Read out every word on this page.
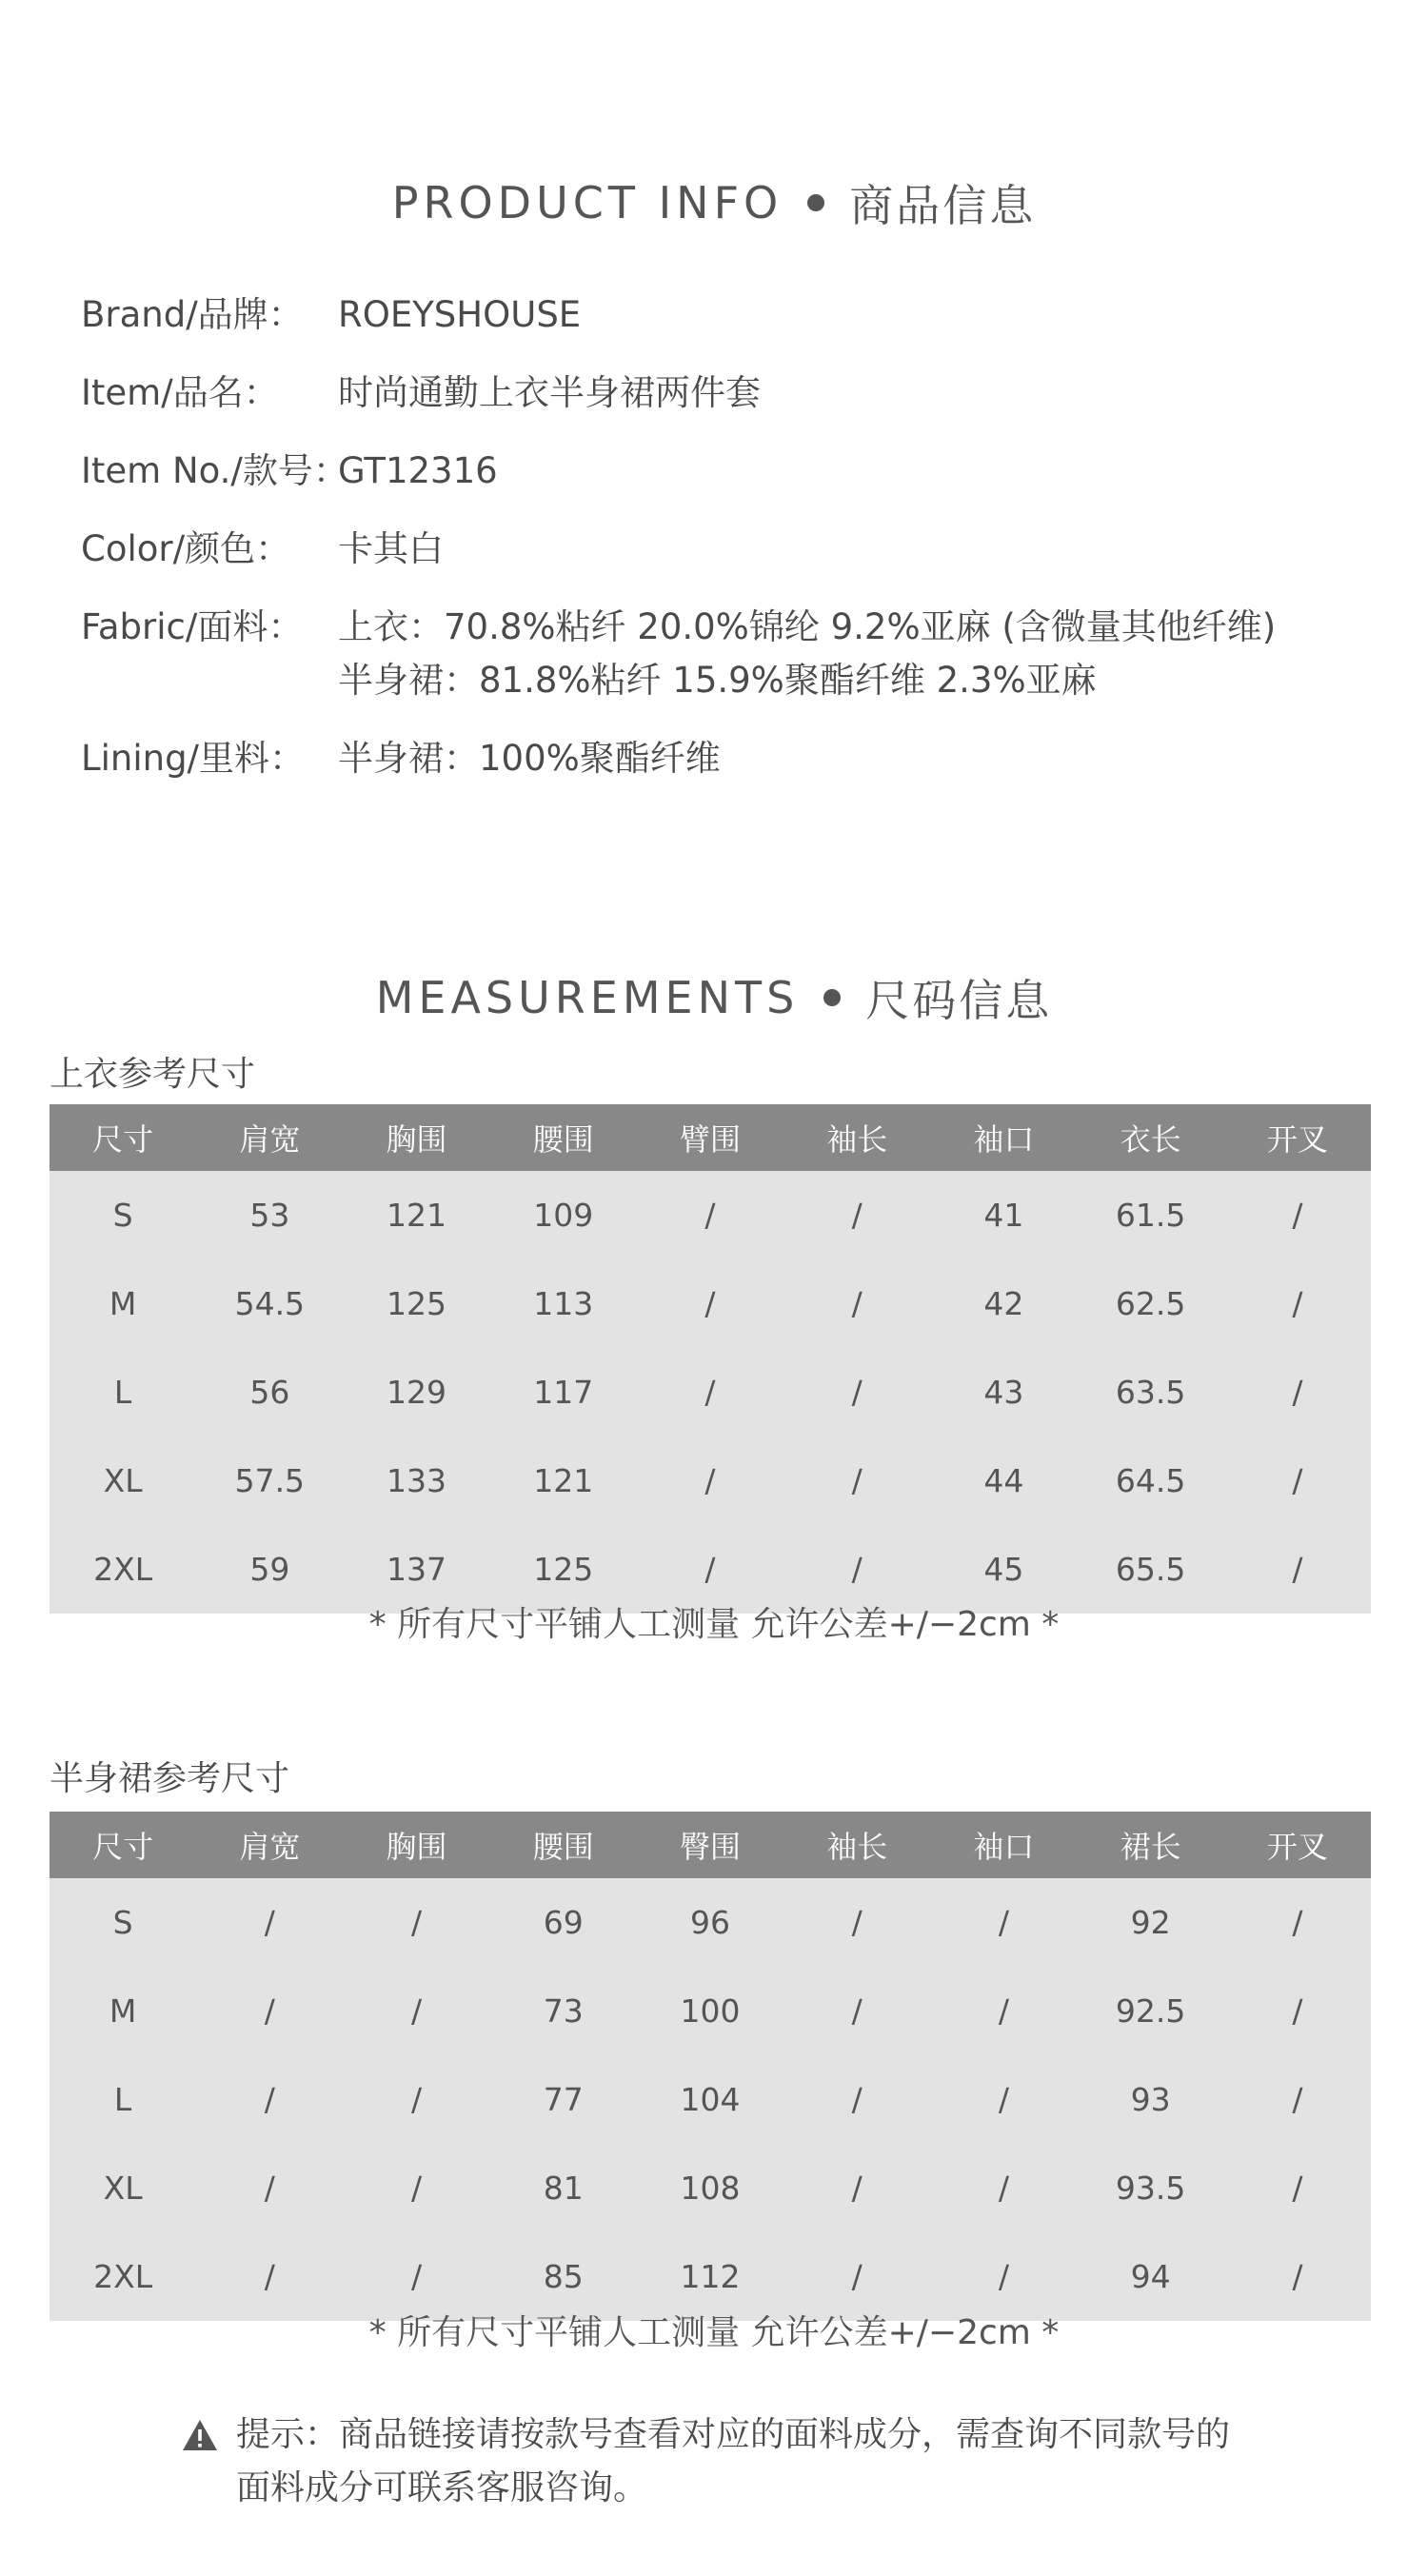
PRODUCT INFO 商品信息
Brand/品牌： ROEYSHOUSE
Item/品名：	时尚通勤上衣半身裙两件套
Item No./款号：
GT12316
Color/颜色：	卡其白
Fabric/面料： 上衣：70.8%粘纤 20.0%锦纶 9.2%亚麻 (含微量其他纤维)
半身裙：81.8%粘纤 15.9%聚酯纤维 2.3%亚麻
Lining/里料： 半身裙：100%聚酯纤维
MEASUREMENTS 尺码信息
上衣参考尺寸
尺寸	肩宽	胸围	腰围	臂围	袖长	袖口	衣长	开叉
S	53	121	109	/	/	41	61.5	/
M	54.5	125	113	/	/	42	62.5	/
L	56	129	117	/	/	43	63.5	/
XL	57.5	133	121	/	/	44	64.5	/
2XL	59	137	125	/	/	45	65.5	/
* 所有尺寸平铺人工测量 允许公差+/−2cm *
半身裙参考尺寸
尺寸	肩宽	胸围	腰围	臀围	袖长	袖口	裙长	开叉
S	/	/	69	96	/	/	92	/
M	/	/	73	100	/	/	92.5	/
L	/	/	77	104	/	/	93	/
XL	/	/	81	108	/	/	93.5	/
2XL	/	/	85	112	/	/	94	/
* 所有尺寸平铺人工测量 允许公差+/−2cm *
提示：商品链接请按款号查看对应的面料成分，需查询不同款号的
面料成分可联系客服咨询。
